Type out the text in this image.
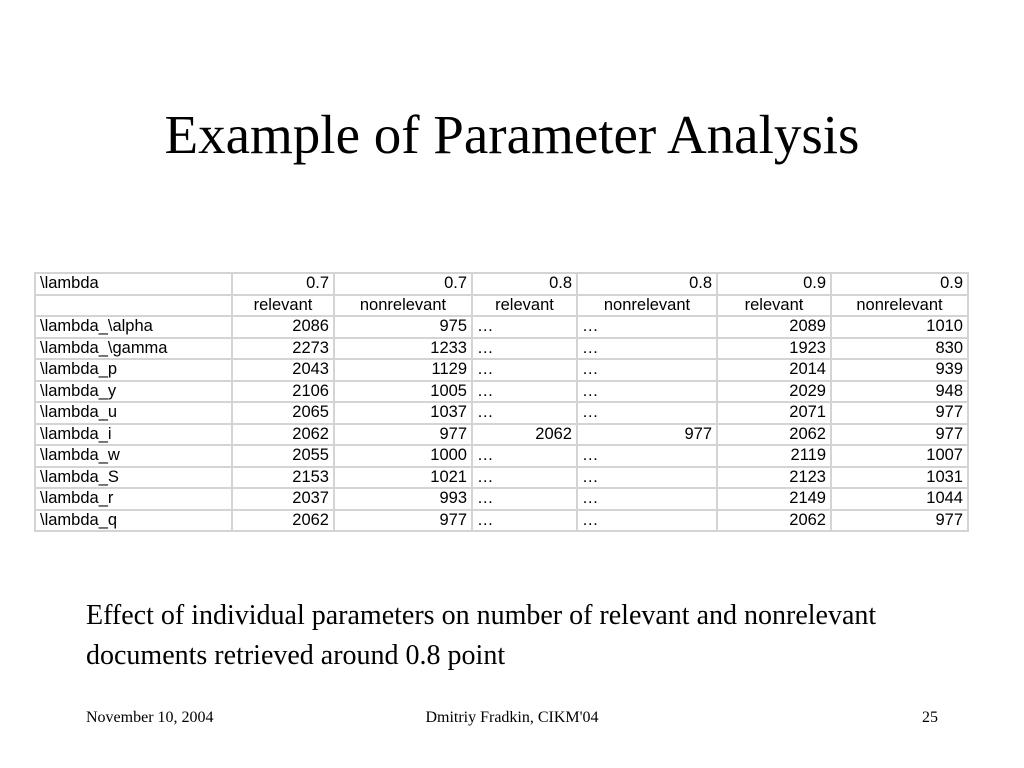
Example of Parameter Analysis
\lambda	0.7	0.7	0.8	0.8	0.9	0.9
	relevant	nonrelevant	relevant	nonrelevant	relevant	nonrelevant
\lambda_\alpha	2086	975	…	…	2089	1010
\lambda_\gamma	2273	1233	…	…	1923	830
\lambda_p	2043	1129	…	…	2014	939
\lambda_y	2106	1005	…	…	2029	948
\lambda_u	2065	1037	…	…	2071	977
\lambda_i	2062	977	2062	977	2062	977
\lambda_w	2055	1000	…	…	2119	1007
\lambda_S	2153	1021	…	…	2123	1031
\lambda_r	2037	993	…	…	2149	1044
\lambda_q	2062	977	…	…	2062	977
Effect of individual parameters on number of relevant and nonrelevant documents retrieved around 0.8 point
November 10, 2004	Dmitriy Fradkin, CIKM'04	25
